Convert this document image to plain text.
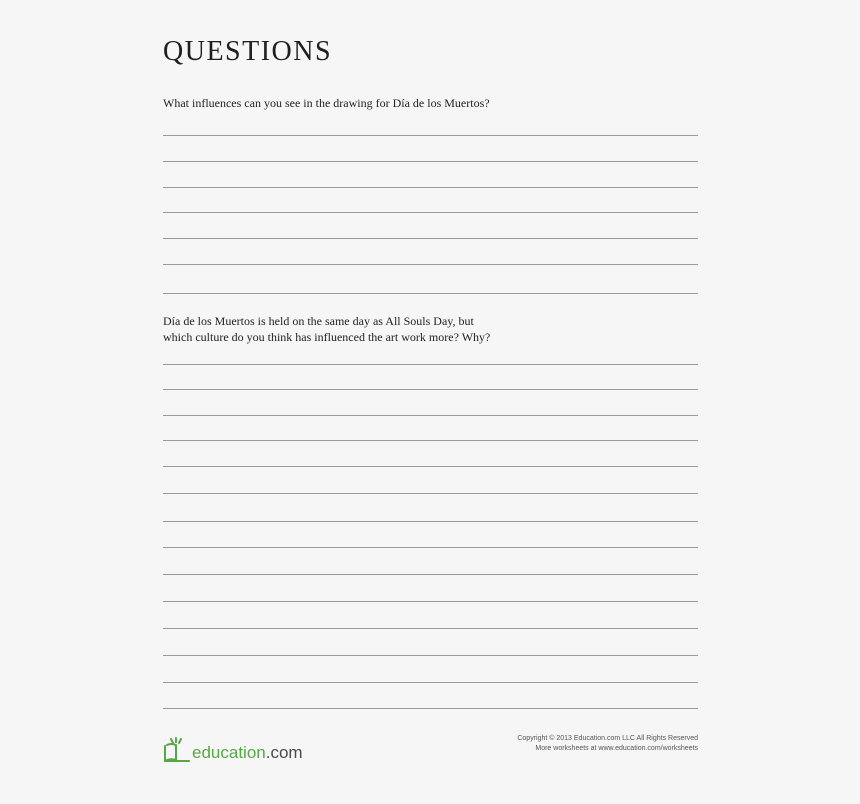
QUESTIONS
What influences can you see in the drawing for Día de los Muertos?
Día de los Muertos is held on the same day as All Souls Day, but
which culture do you think has influenced the art work more? Why?
education.com
Copyright © 2013 Education.com LLC All Rights Reserved
More worksheets at www.education.com/worksheets
